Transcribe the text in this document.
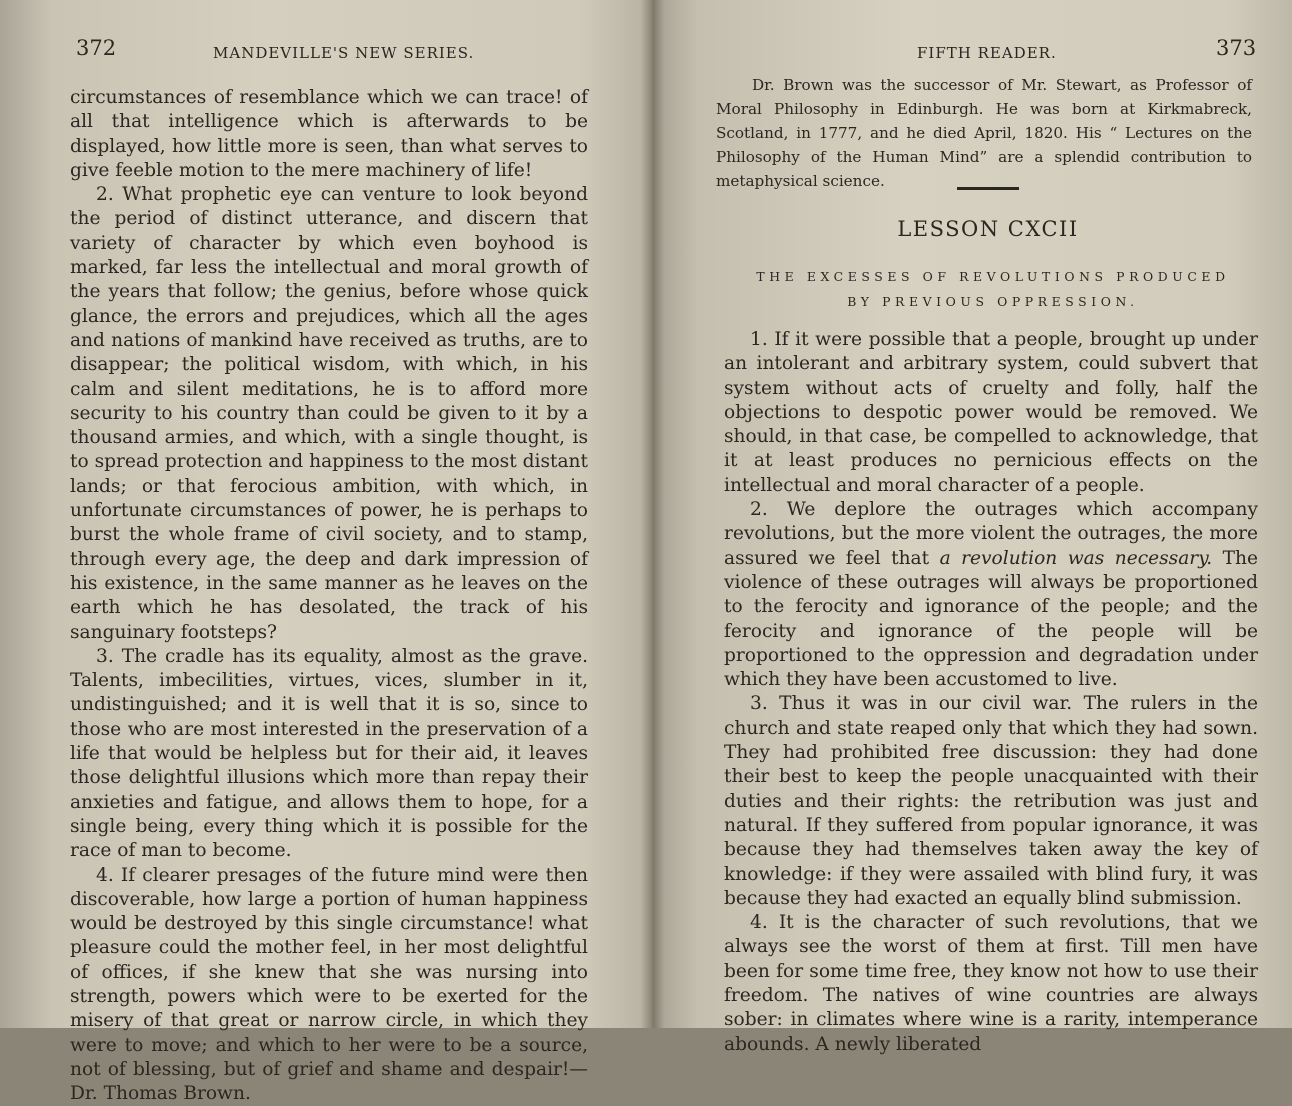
372	MANDEVILLE'S NEW SERIES.

circumstances of resemblance which we can trace! of all that intelligence which is afterwards to be displayed, how little more is seen, than what serves to give feeble motion to the mere machinery of life!

2. What prophetic eye can venture to look beyond the period of distinct utterance, and discern that variety of character by which even boyhood is marked, far less the intellectual and moral growth of the years that follow; the genius, before whose quick glance, the errors and prejudices, which all the ages and nations of mankind have received as truths, are to disappear; the political wisdom, with which, in his calm and silent meditations, he is to afford more security to his country than could be given to it by a thousand armies, and which, with a single thought, is to spread protection and happiness to the most distant lands; or that ferocious ambition, with which, in unfortunate circumstances of power, he is perhaps to burst the whole frame of civil society, and to stamp, through every age, the deep and dark impression of his existence, in the same manner as he leaves on the earth which he has desolated, the track of his sanguinary footsteps?

3. The cradle has its equality, almost as the grave. Talents, imbecilities, virtues, vices, slumber in it, undistinguished; and it is well that it is so, since to those who are most interested in the preservation of a life that would be helpless but for their aid, it leaves those delightful illusions which more than repay their anxieties and fatigue, and allows them to hope, for a single being, every thing which it is possible for the race of man to become.

4. If clearer presages of the future mind were then discoverable, how large a portion of human happiness would be destroyed by this single circumstance! what pleasure could the mother feel, in her most delightful of offices, if she knew that she was nursing into strength, powers which were to be exerted for the misery of that great or narrow circle, in which they were to move; and which to her were to be a source, not of blessing, but of grief and shame and despair!—Dr. Thomas Brown.

FIFTH READER.	373

Dr. Brown was the successor of Mr. Stewart, as Professor of Moral Philosophy in Edinburgh. He was born at Kirkmabreck, Scotland, in 1777, and he died April, 1820. His “ Lectures on the Philosophy of the Human Mind” are a splendid contribution to metaphysical science.

LESSON CXCII
THE EXCESSES OF REVOLUTIONS PRODUCED
BY PREVIOUS OPPRESSION.

1. If it were possible that a people, brought up under an intolerant and arbitrary system, could subvert that system without acts of cruelty and folly, half the objections to despotic power would be removed. We should, in that case, be compelled to acknowledge, that it at least produces no pernicious effects on the intellectual and moral character of a people.

2. We deplore the outrages which accompany revolutions, but the more violent the outrages, the more assured we feel that a revolution was necessary. The violence of these outrages will always be proportioned to the ferocity and ignorance of the people; and the ferocity and ignorance of the people will be proportioned to the oppression and degradation under which they have been accustomed to live.

3. Thus it was in our civil war. The rulers in the church and state reaped only that which they had sown. They had prohibited free discussion: they had done their best to keep the people unacquainted with their duties and their rights: the retribution was just and natural. If they suffered from popular ignorance, it was because they had themselves taken away the key of knowledge: if they were assailed with blind fury, it was because they had exacted an equally blind submission.

4. It is the character of such revolutions, that we always see the worst of them at first. Till men have been for some time free, they know not how to use their freedom. The natives of wine countries are always sober: in climates where wine is a rarity, intemperance abounds. A newly liberated
